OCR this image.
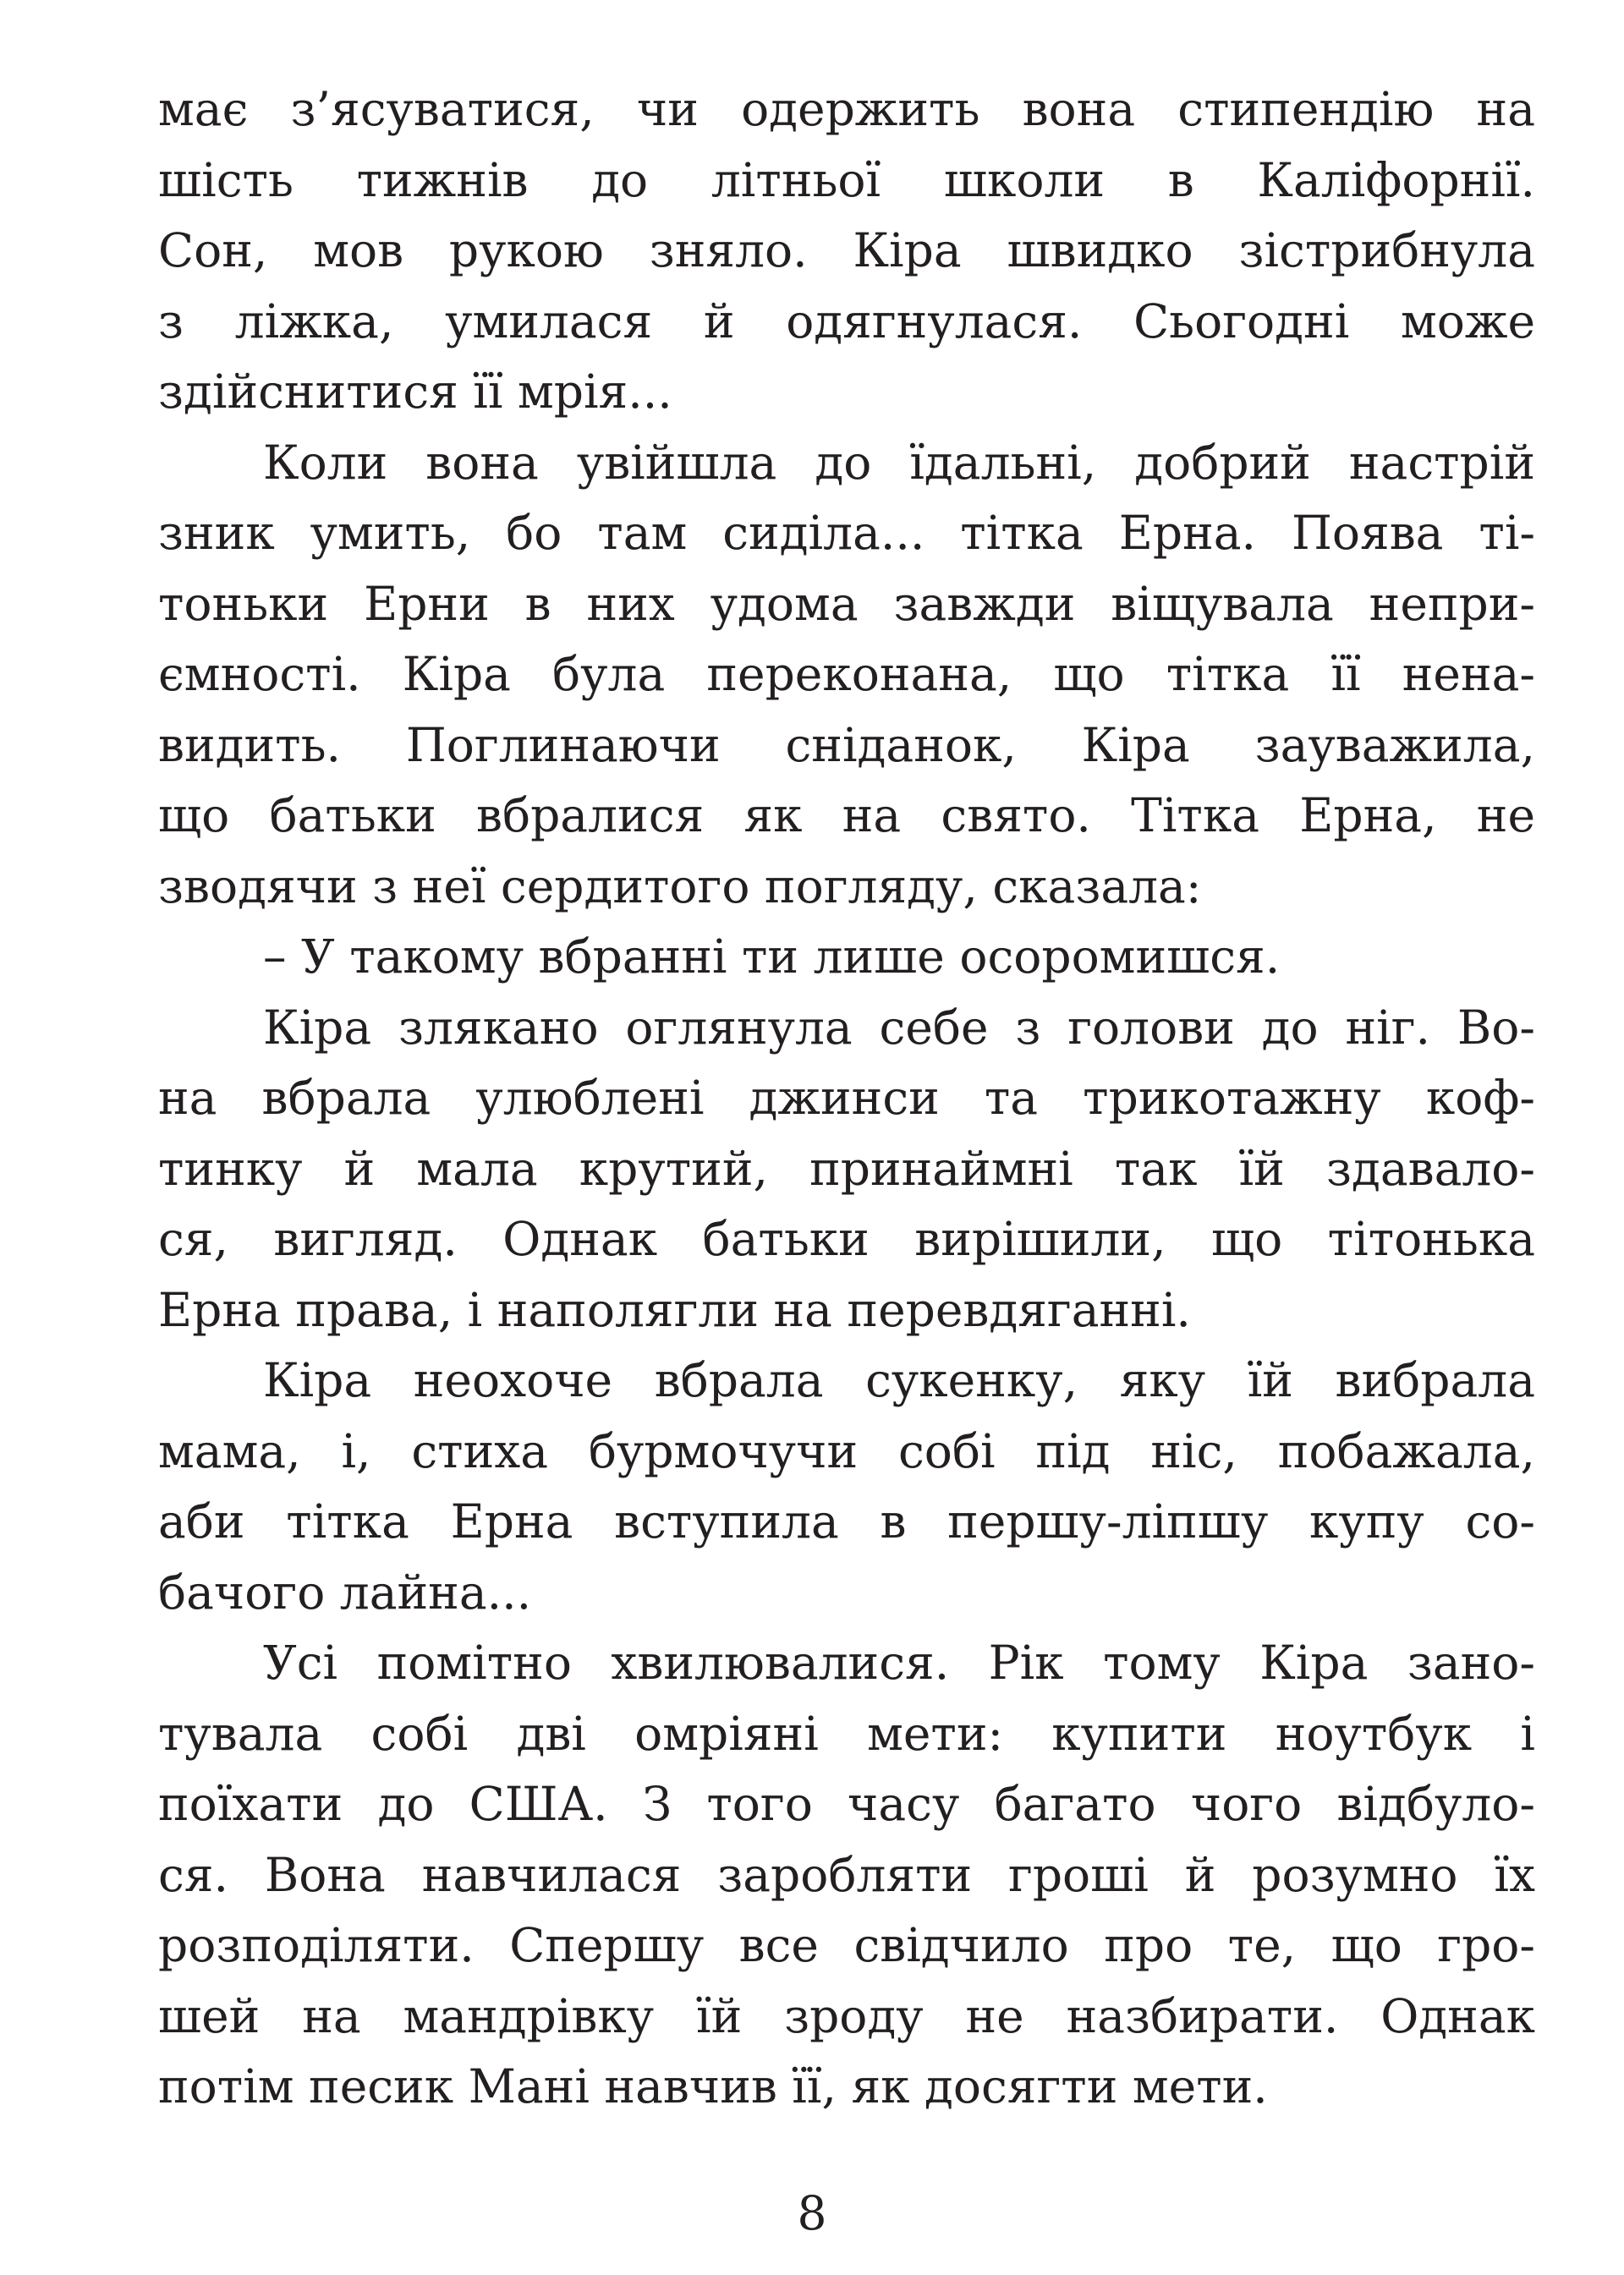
має з’ясуватися, чи одержить вона стипендію на
шість тижнів до літньої школи в Каліфорнії.
Сон, мов рукою зняло. Кіра швидко зістрибнула
з ліжка, умилася й одягнулася. Сьогодні може
здійснитися її мрія...
Коли вона увійшла до їдальні, добрий настрій
зник умить, бо там сиділа... тітка Ерна. Поява ті-
тоньки Ерни в них удома завжди віщувала непри-
ємності. Кіра була переконана, що тітка її нена-
видить. Поглинаючи сніданок, Кіра зауважила,
що батьки вбралися як на свято. Тітка Ерна, не
зводячи з неї сердитого погляду, сказала:
– У такому вбранні ти лише осоромишся.
Кіра злякано оглянула себе з голови до ніг. Во-
на вбрала улюблені джинси та трикотажну коф-
тинку й мала крутий, принаймні так їй здавало-
ся, вигляд. Однак батьки вирішили, що тітонька
Ерна права, і наполягли на перевдяганні.
Кіра неохоче вбрала сукенку, яку їй вибрала
мама, і, стиха бурмочучи собі під ніс, побажала,
аби тітка Ерна вступила в першу-ліпшу купу со-
бачого лайна...
Усі помітно хвилювалися. Рік тому Кіра зано-
тувала собі дві омріяні мети: купити ноутбук і
поїхати до США. З того часу багато чого відбуло-
ся. Вона навчилася заробляти гроші й розумно їх
розподіляти. Спершу все свідчило про те, що гро-
шей на мандрівку їй зроду не назбирати. Однак
потім песик Мані навчив її, як досягти мети.
8
